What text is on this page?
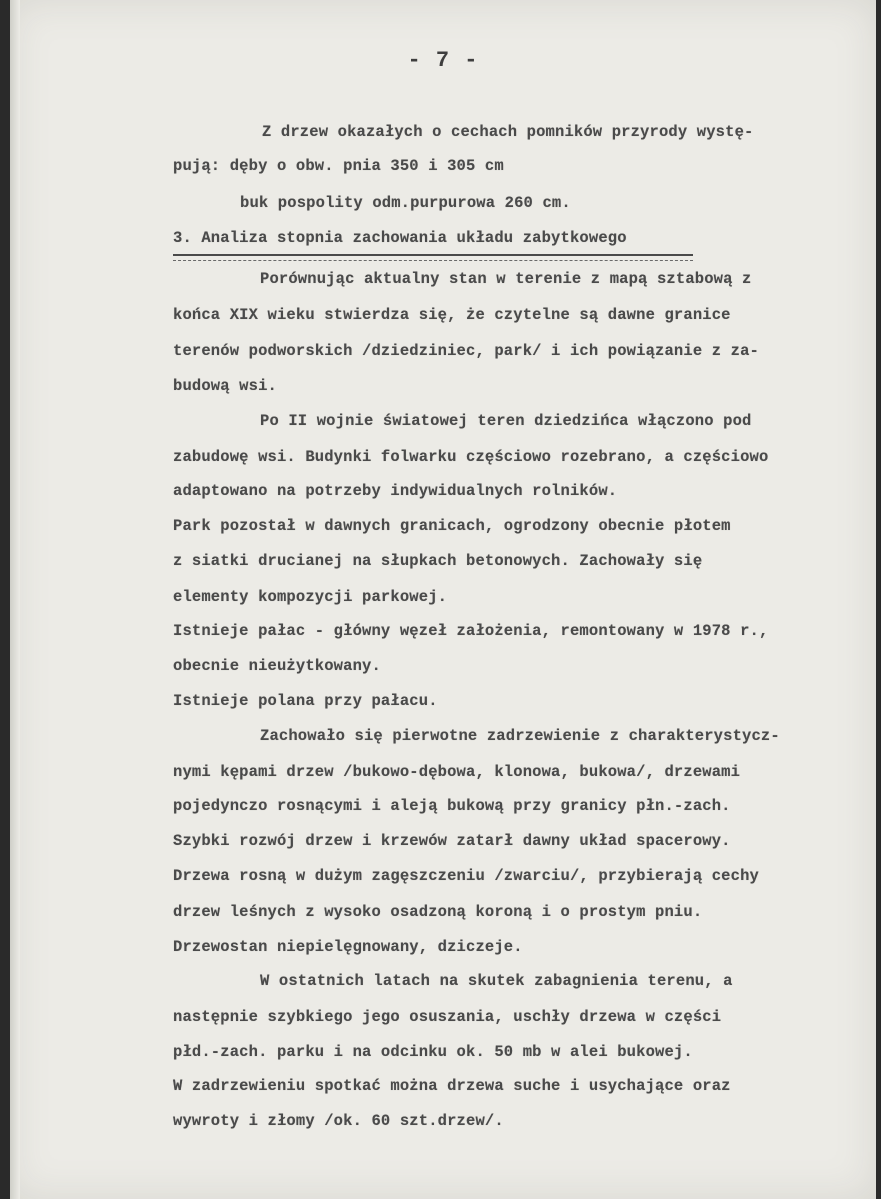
- 7 -
Z drzew okazałych o cechach pomników przyrody wystę-
pują: dęby o obw. pnia 350 i 305 cm
buk pospolity odm.purpurowa 260 cm.
3. Analiza stopnia zachowania układu zabytkowego
Porównując aktualny stan w terenie z mapą sztabową z
końca XIX wieku stwierdza się, że czytelne są dawne granice
terenów podworskich /dziedziniec, park/ i ich powiązanie z za-
budową wsi.
Po II wojnie światowej teren dziedzińca włączono pod
zabudowę wsi. Budynki folwarku częściowo rozebrano, a częściowo
adaptowano na potrzeby indywidualnych rolników.
Park pozostał w dawnych granicach, ogrodzony obecnie płotem
z siatki drucianej na słupkach betonowych. Zachowały się
elementy kompozycji parkowej.
Istnieje pałac - główny węzeł założenia, remontowany w 1978 r.,
obecnie nieużytkowany.
Istnieje polana przy pałacu.
Zachowało się pierwotne zadrzewienie z charakterystycz-
nymi kępami drzew /bukowo-dębowa, klonowa, bukowa/, drzewami
pojedynczo rosnącymi i aleją bukową przy granicy płn.-zach.
Szybki rozwój drzew i krzewów zatarł dawny układ spacerowy.
Drzewa rosną w dużym zagęszczeniu /zwarciu/, przybierają cechy
drzew leśnych z wysoko osadzoną koroną i o prostym pniu.
Drzewostan niepielęgnowany, dziczeje.
W ostatnich latach na skutek zabagnienia terenu, a
następnie szybkiego jego osuszania, uschły drzewa w części
płd.-zach. parku i na odcinku ok. 50 mb w alei bukowej.
W zadrzewieniu spotkać można drzewa suche i usychające oraz
wywroty i złomy /ok. 60 szt.drzew/.
